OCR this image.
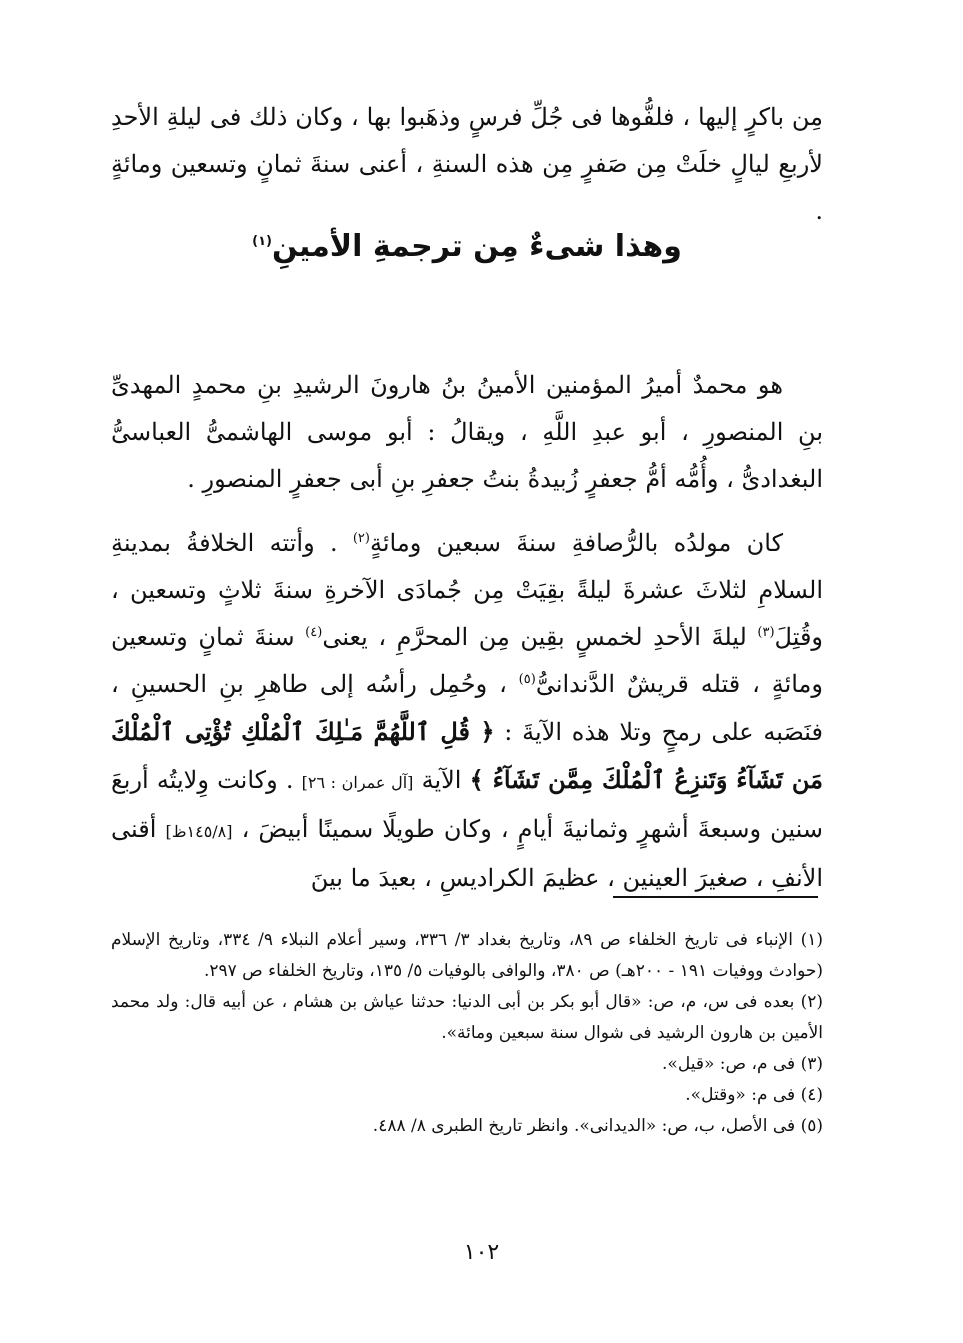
مِن باكرٍ إليها ، فلفُّوها فى جُلِّ فرسٍ وذهَبوا بها ، وكان ذلك فى ليلةِ الأحدِ لأربعِ ليالٍ خلَتْ مِن صَفرٍ مِن هذه السنةِ ، أعنى سنةَ ثمانٍ وتسعين ومائةٍ .

وهذا شىءٌ مِن ترجمةِ الأمينِ$^{(١)}$

هو محمدٌ أميرُ المؤمنين الأمينُ بنُ هارونَ الرشيدِ بنِ محمدٍ المهدىِّ بنِ المنصورِ ، أبو عبدِ اللَّهِ ، ويقالُ : أبو موسى الهاشمىُّ العباسىُّ البغدادىُّ ، وأُمُّه أمُّ جعفرٍ زُبيدةُ بنتُ جعفرِ بنِ أبى جعفرٍ المنصورِ .

كان مولدُه بالرُّصافةِ سنةَ سبعين ومائةٍ$^{(٢)}$ . وأتته الخلافةُ بمدينةِ السلامِ لثلاثَ عشرةَ ليلةً بقِيَتْ مِن جُمادَى الآخرةِ سنةَ ثلاثٍ وتسعين ، وقُتِلَ$^{(٣)}$ ليلةَ الأحدِ لخمسٍ بقِين مِن المحرَّمِ ، يعنى$^{(٤)}$ سنةَ ثمانٍ وتسعين ومائةٍ ، قتله قريشٌ الدَّندانىُّ$^{(٥)}$ ، وحُمِل رأسُه إلى طاهرِ بنِ الحسينِ ، فنَصَبه على رمحٍ وتلا هذه الآيةَ : ﴿ قُلِ ٱللَّهُمَّ مَـٰلِكَ ٱلْمُلْكِ تُؤْتِى ٱلْمُلْكَ مَن تَشَآءُ وَتَنزِعُ ٱلْمُلْكَ مِمَّن تَشَآءُ ﴾ الآية [آل عمران : ٢٦] . وكانت وِلايتُه أربعَ سنين وسبعةَ أشهرٍ وثمانيةَ أيامٍ ، وكان طويلًا سمينًا أبيضَ ، [١٤٥/٨ظ] أقنى الأنفِ ، صغيرَ العينين ، عظيمَ الكراديسِ ، بعيدَ ما بينَ

(١) الإنباء فى تاريخ الخلفاء ص ٨٩، وتاريخ بغداد ٣/ ٣٣٦، وسير أعلام النبلاء ٩/ ٣٣٤، وتاريخ الإسلام (حوادث ووفيات ١٩١ - ٢٠٠هـ) ص ٣٨٠، والوافى بالوفيات ٥/ ١٣٥، وتاريخ الخلفاء ص ٢٩٧.

(٢) بعده فى س، م، ص: «قال أبو بكر بن أبى الدنيا: حدثنا عياش بن هشام ، عن أبيه قال: ولد محمد الأمين بن هارون الرشيد فى شوال سنة سبعين ومائة».

(٣) فى م، ص: «قيل».

(٤) فى م: «وقتل».

(٥) فى الأصل، ب، ص: «الديدانى». وانظر تاريخ الطبرى ٨/ ٤٨٨.

١٠٢
